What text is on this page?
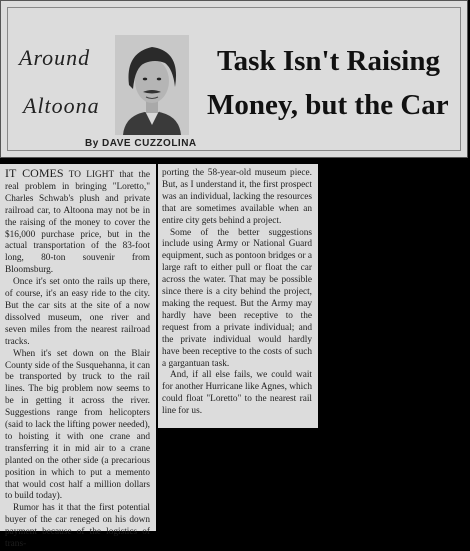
Around
Altoona
Task Isn't Raising
Money, but the Car
By DAVE CUZZOLINA

IT COMES TO LIGHT that the real problem in bringing "Loretto," Charles Schwab's plush and private railroad car, to Altoona may not be in the raising of the money to cover the $16,000 purchase price, but in the actual transportation of the 83-foot long, 80-ton souvenir from Bloomsburg.

Once it's set onto the rails up there, of course, it's an easy ride to the city. But the car sits at the site of a now dissolved museum, one river and seven miles from the nearest railroad tracks.

When it's set down on the Blair County side of the Susquehanna, it can be transported by truck to the rail lines. The big problem now seems to be in getting it across the river. Suggestions range from helicopters (said to lack the lifting power needed), to hoisting it with one crane and transferring it in mid air to a crane planted on the other side (a precarious position in which to put a memento that would cost half a million dollars to build today).

Rumor has it that the first potential buyer of the car reneged on his down payment because of the logistics of trans-

porting the 58-year-old museum piece. But, as I understand it, the first prospect was an individual, lacking the resources that are sometimes available when an entire city gets behind a project.

Some of the better suggestions include using Army or National Guard equipment, such as pontoon bridges or a large raft to either pull or float the car across the water. That may be possible since there is a city behind the project, making the request. But the Army may hardly have been receptive to the request from a private individual; and the private individual would hardly have been receptive to the costs of such a gargantuan task.

And, if all else fails, we could wait for another Hurricane like Agnes, which could float "Loretto" to the nearest rail line for us.
